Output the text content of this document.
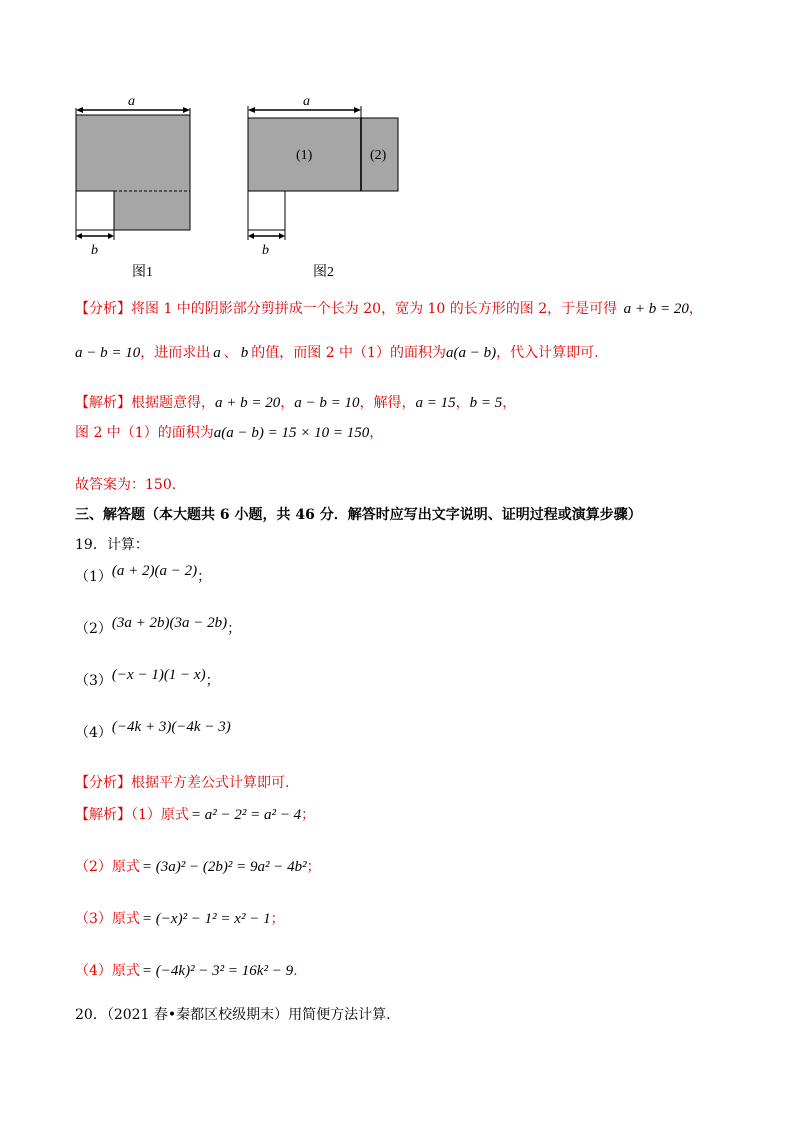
a
b
图1
(1)	(2)
a
b
图2
【分析】将图 1 中的阴影部分剪拼成一个长为 20，宽为 10 的长方形的图 2，于是可得 a + b = 20，
a − b = 10，进而求出 a 、 b 的值，而图 2 中（1）的面积为a(a − b)，代入计算即可.
【解析】根据题意得，a + b = 20，a − b = 10，解得，a = 15，b = 5，
图 2 中（1）的面积为a(a − b) = 15 × 10 = 150，
故答案为：150.
三、解答题（本大题共 6 小题，共 46 分．解答时应写出文字说明、证明过程或演算步骤）
19．计算：
（1）(a + 2)(a − 2)；
（2）(3a + 2b)(3a − 2b)；
（3）(−x − 1)(1 − x)；
（4）(−4k + 3)(−4k − 3)
【分析】根据平方差公式计算即可.
【解析】（1）原式 = a² − 2² = a² − 4；
（2）原式 = (3a)² − (2b)² = 9a² − 4b²；
（3）原式 = (−x)² − 1² = x² − 1；
（4）原式 = (−4k)² − 3² = 16k² − 9.
20．（2021 春•秦都区校级期末）用简便方法计算.
